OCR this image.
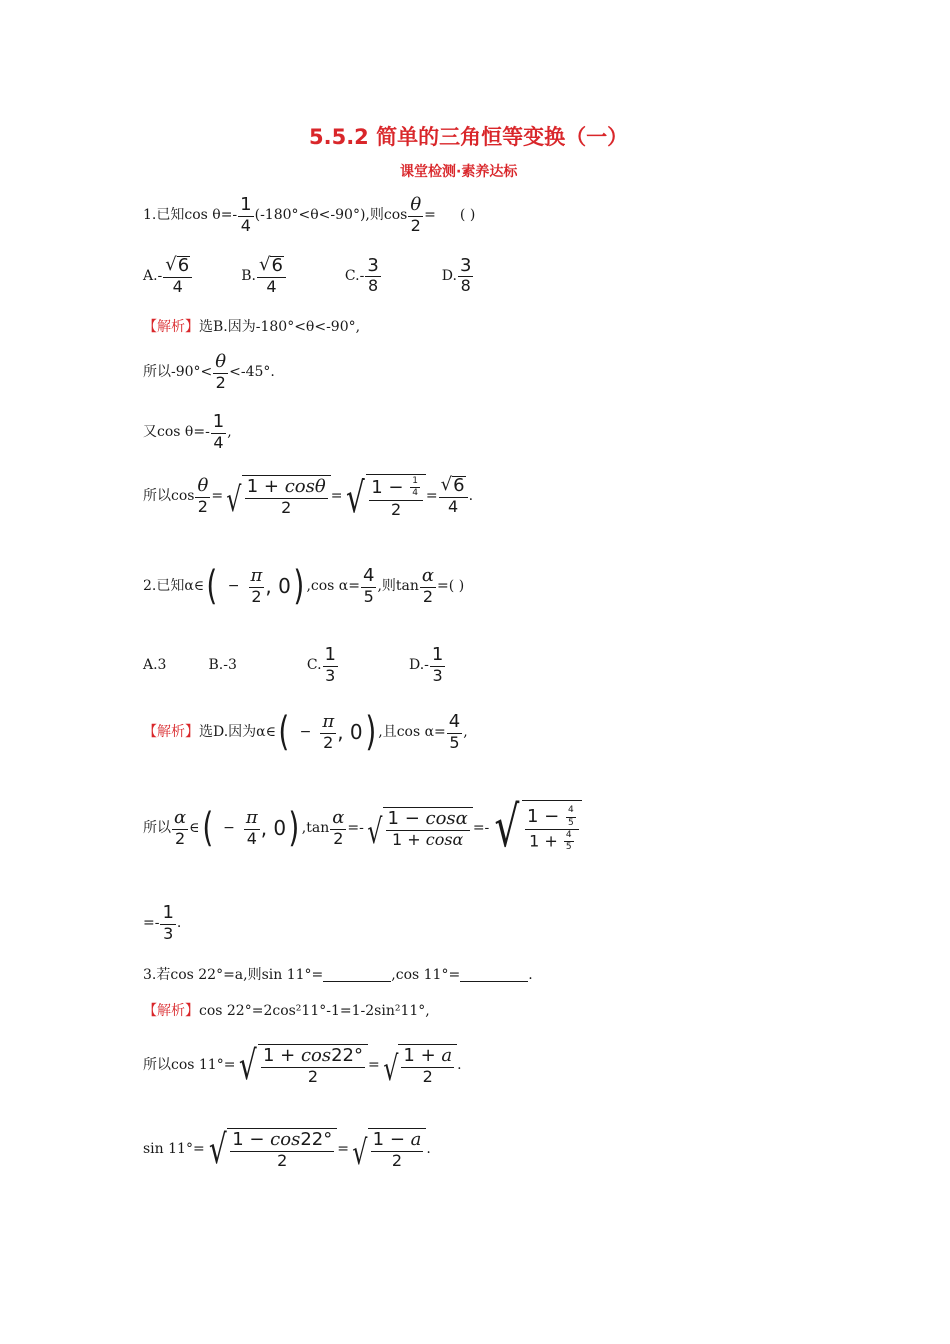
5.5.2 简单的三角恒等变换（一）
课堂检测·素养达标
1.已知$\cos \theta=- \frac{1}{4} (-180^\circ<\theta<-90^\circ)$,则$\cos \frac{\theta}{2}$ = ( )
$A.- \frac{√ 6}{4}$	B. $\frac{√ 6}{4}$	$C.- \frac{3}{8}$	D. $\frac{3}{8}$
【解析】 选B.因为-180°<θ<-90°,
所以$-90^\circ< \frac{\theta}{2} <-45^\circ$.
又$\cos \theta=- \frac{1}{4}$ ,
所以$\cos \frac{\theta}{2}$ = √ $\frac{1 + \cos\theta}{2}$ = √ $\frac{1 - \frac{1}{4}}{2} = \frac{√ 6}{4}$ .
2.已知α∈ ( − $\frac{\pi}{2}$ , 0 ) ,cos $\alpha= \frac{4}{5}$ ,则$\tan \frac{\alpha}{2}$ =( )
A.3	B.-3	C. $\frac{1}{3}$	$D.- \frac{1}{3}$
【解析】 选D.因为α∈ ( − $\frac{\pi}{2}$ , 0 ) ,且$\cos \alpha= \frac{4}{5}$ ,
所以 $\frac{\alpha}{2}$ ∈ ( − $\frac{\pi}{4}$ , 0 ) $,\tan \frac{\alpha}{2}$ =- √ $\frac{1 - \cos\alpha}{1 + \cos\alpha}$ =- √ $\frac{1 - \frac{4}{5}}{1 + \frac{4}{5}}$
=- $\frac{1}{3}$ .
3.若cos 22°=a,则sin 11°=	,cos 11°=	.
【解析】 cos 22°=2cos²11°-1=1-2sin²11°,
所以cos 11°= √ $\frac{1 + \cos 22^\circ}{2}$ = √ $\frac{1 + a}{2}$ .
sin 11°= √ $\frac{1 - \cos 22^\circ}{2}$ = √ $\frac{1 - a}{2}$ .
